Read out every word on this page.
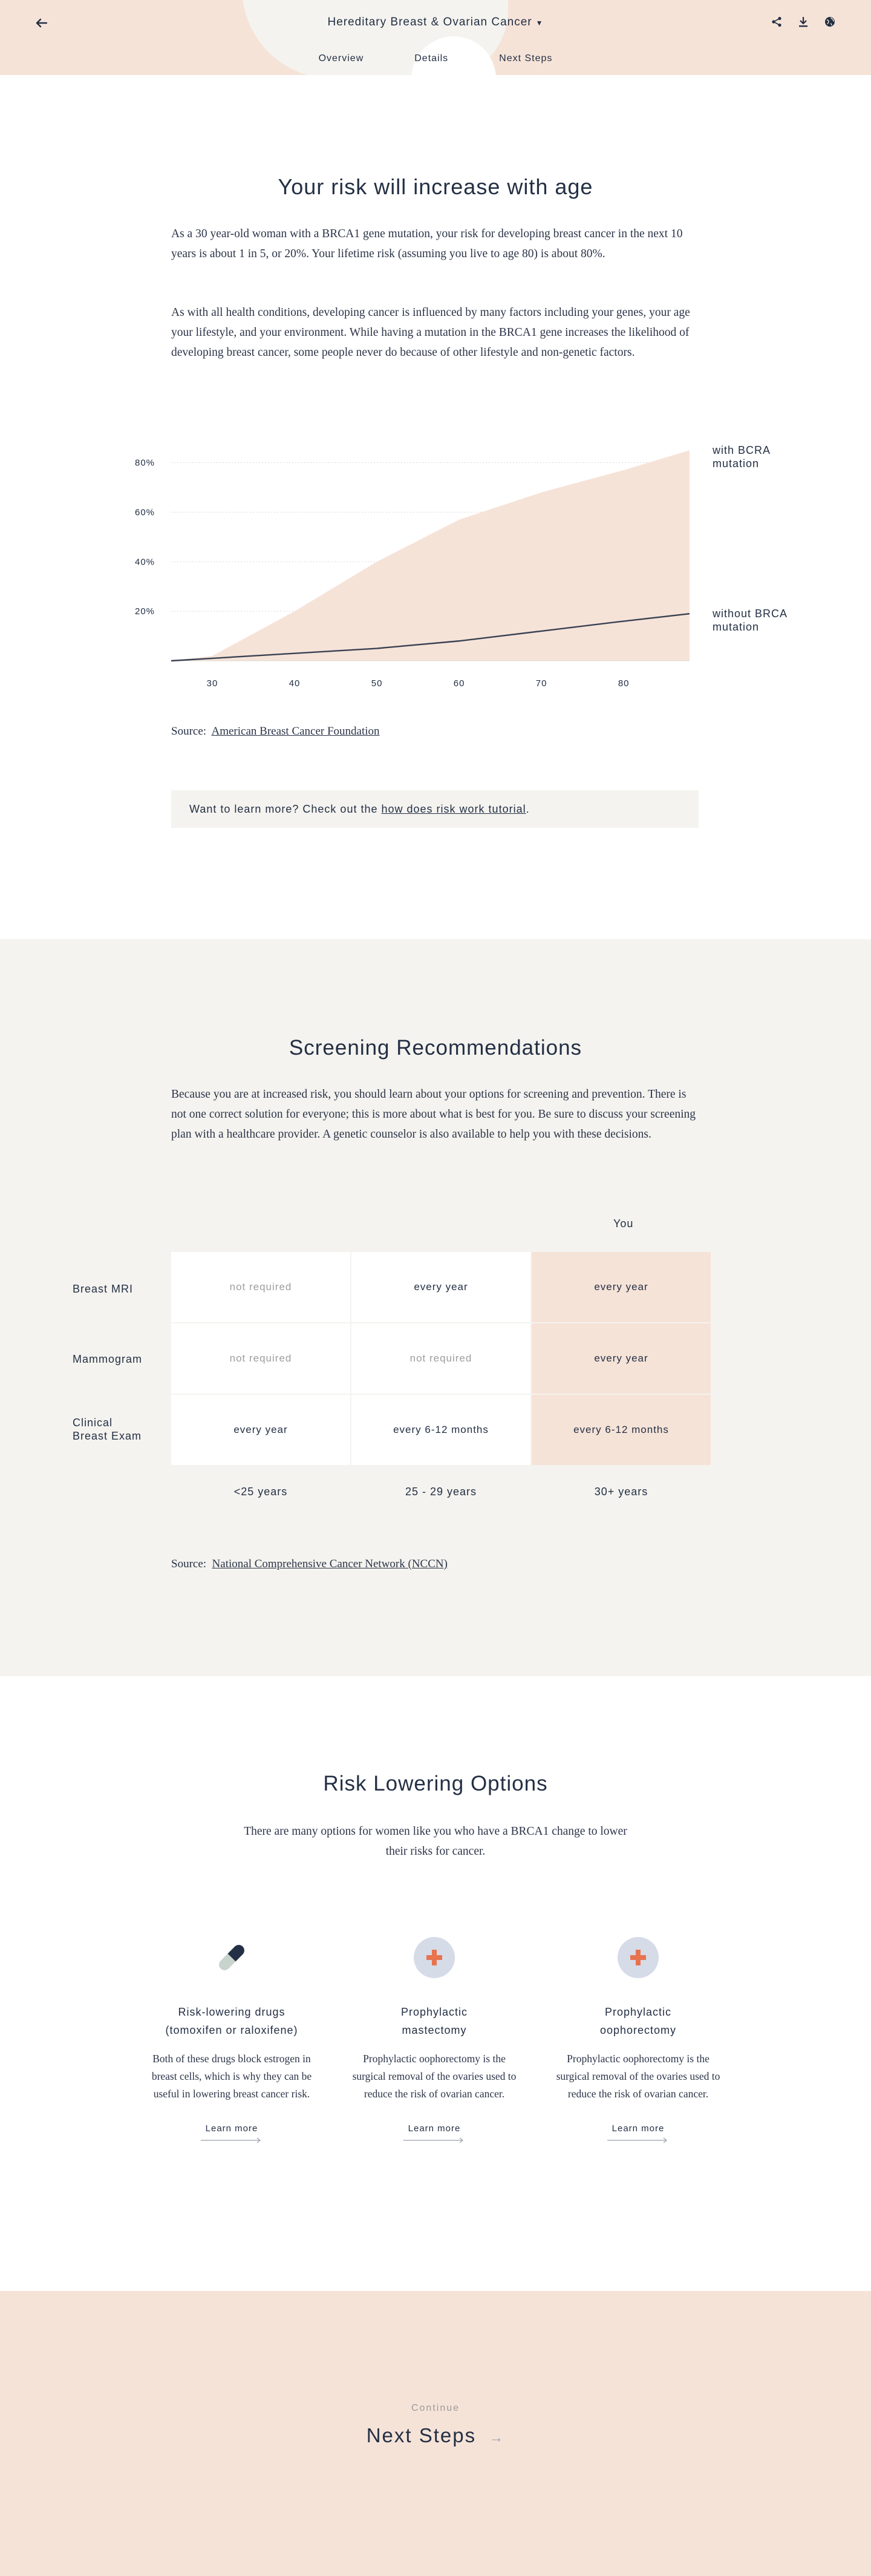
Hereditary Breast & Ovarian Cancer ▼
Overview	Details	Next Steps
Your risk will increase with age

As a 30 year-old woman with a BRCA1 gene mutation, your risk for developing breast cancer in the next 10 years is about 1 in 5, or 20%. Your lifetime risk (assuming you live to age 80) is about 80%.

As with all health conditions, developing cancer is influenced by many factors including your genes, your age your lifestyle, and your environment. While having a mutation in the BRCA1 gene increases the likelihood of developing breast cancer, some people never do because of other lifestyle and non-genetic factors.

20%
40%
60%
80%
30	40	50	60	70	80
with BCRA
mutation
without BRCA
mutation
Source: American Breast Cancer Foundation
Want to learn more? Check out the
how does risk work tutorial .
Screening Recommendations

Because you are at increased risk, you should learn about your options for screening and prevention. There is not one correct solution for everyone; this is more about what is best for you. Be sure to discuss your screening plan with a healthcare provider. A genetic counselor is also available to help you with these decisions.

You
Breast MRI
Mammogram
Clinical
Breast Exam
not required	every year	every year
not required	not required	every year
every year	every 6-12 months	every 6-12 months
<25 years	25 - 29 years	30+ years
Source: National Comprehensive Cancer Network (NCCN)
Risk Lowering Options

There are many options for women like you who have a BRCA1 change to lower their risks for cancer.

Risk-lowering drugs
(tomoxifen or raloxifene)
Both of these drugs block estrogen in breast cells, which is why they can be useful in lowering breast cancer risk.
Learn more
Prophylactic
mastectomy
Prophylactic oophorectomy is the surgical removal of the ovaries used to reduce the risk of ovarian cancer.
Learn more
Prophylactic
oophorectomy
Prophylactic oophorectomy is the surgical removal of the ovaries used to reduce the risk of ovarian cancer.
Learn more
Continue
Next Steps →
